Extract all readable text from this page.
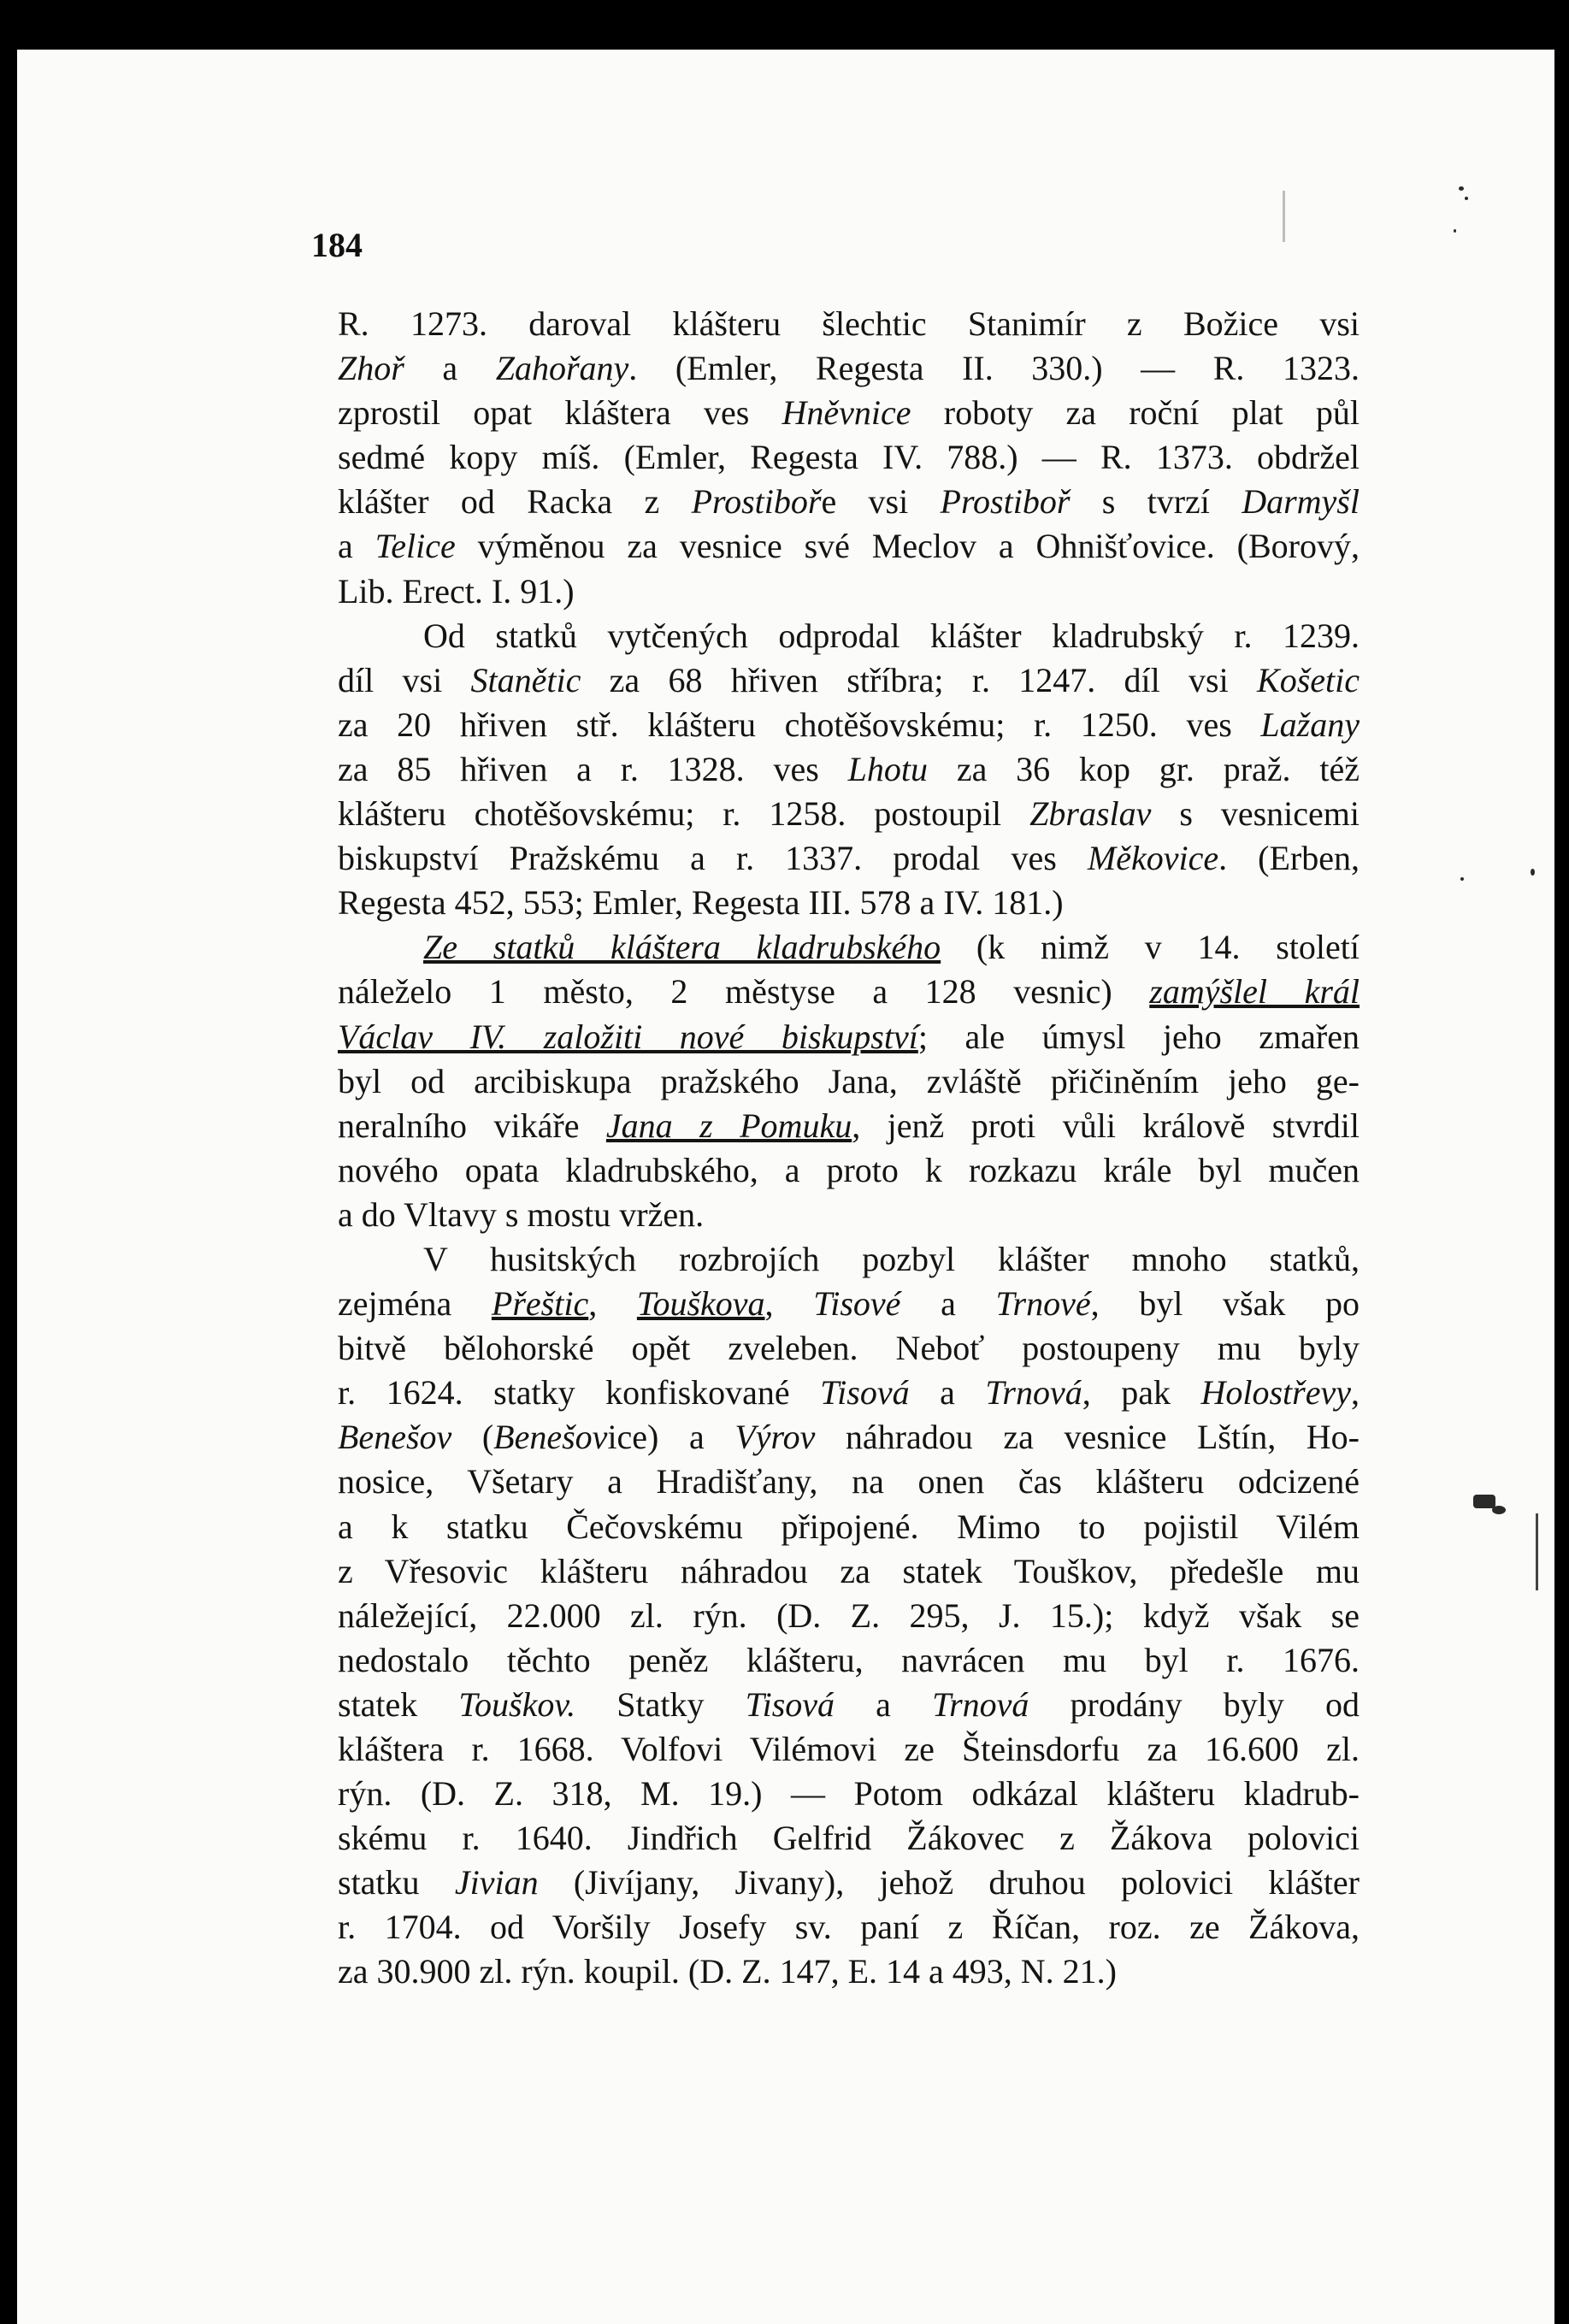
184

R. 1273. daroval klášteru šlechtic Stanimír z Božice vsi
Zhoř a Zahořany. (Emler, Regesta II. 330.) — R. 1323.
zprostil opat kláštera ves Hněvnice roboty za roční plat půl
sedmé kopy míš. (Emler, Regesta IV. 788.) — R. 1373. obdržel
klášter od Racka z Prostiboře vsi Prostiboř s tvrzí Darmyšl
a Telice výměnou za vesnice své Meclov a Ohnišťovice. (Borový,
Lib. Erect. I. 91.)
Od statků vytčených odprodal klášter kladrubský r. 1239.
díl vsi Stanětic za 68 hřiven stříbra; r. 1247. díl vsi Košetic
za 20 hřiven stř. klášteru chotěšovskému; r. 1250. ves Lažany
za 85 hřiven a r. 1328. ves Lhotu za 36 kop gr. praž. též
klášteru chotěšovskému; r. 1258. postoupil Zbraslav s vesnicemi
biskupství Pražskému a r. 1337. prodal ves Měkovice. (Erben,
Regesta 452, 553; Emler, Regesta III. 578 a IV. 181.)
Ze statků kláštera kladrubského (k nimž v 14. století
náleželo 1 město, 2 městyse a 128 vesnic) zamýšlel král
Václav IV. založiti nové biskupství; ale úmysl jeho zmařen
byl od arcibiskupa pražského Jana, zvláště přičiněním jeho ge-
neralního vikáře Jana z Pomuku, jenž proti vůli královĕ stvrdil
nového opata kladrubského, a proto k rozkazu krále byl mučen
a do Vltavy s mostu vržen.
V husitských rozbrojích pozbyl klášter mnoho statků,
zejména Přeštic, Touškova, Tisové a Trnové, byl však po
bitvě bělohorské opět zveleben. Neboť postoupeny mu byly
r. 1624. statky konfiskované Tisová a Trnová, pak Holostřevy,
Benešov (Benešovice) a Výrov náhradou za vesnice Lštín, Ho-
nosice, Všetary a Hradišťany, na onen čas klášteru odcizené
a k statku Čečovskému připojené. Mimo to pojistil Vilém
z Vřesovic klášteru náhradou za statek Touškov, předešle mu
náležející, 22.000 zl. rýn. (D. Z. 295, J. 15.); když však se
nedostalo těchto peněz klášteru, navrácen mu byl r. 1676.
statek Touškov. Statky Tisová a Trnová prodány byly od
kláštera r. 1668. Volfovi Vilémovi ze Šteinsdorfu za 16.600 zl.
rýn. (D. Z. 318, M. 19.) — Potom odkázal klášteru kladrub-
skému r. 1640. Jindřich Gelfrid Žákovec z Žákova polovici
statku Jivian (Jivíjany, Jivany), jehož druhou polovici klášter
r. 1704. od Voršily Josefy sv. paní z Říčan, roz. ze Žákova,
za 30.900 zl. rýn. koupil. (D. Z. 147, E. 14 a 493, N. 21.)
